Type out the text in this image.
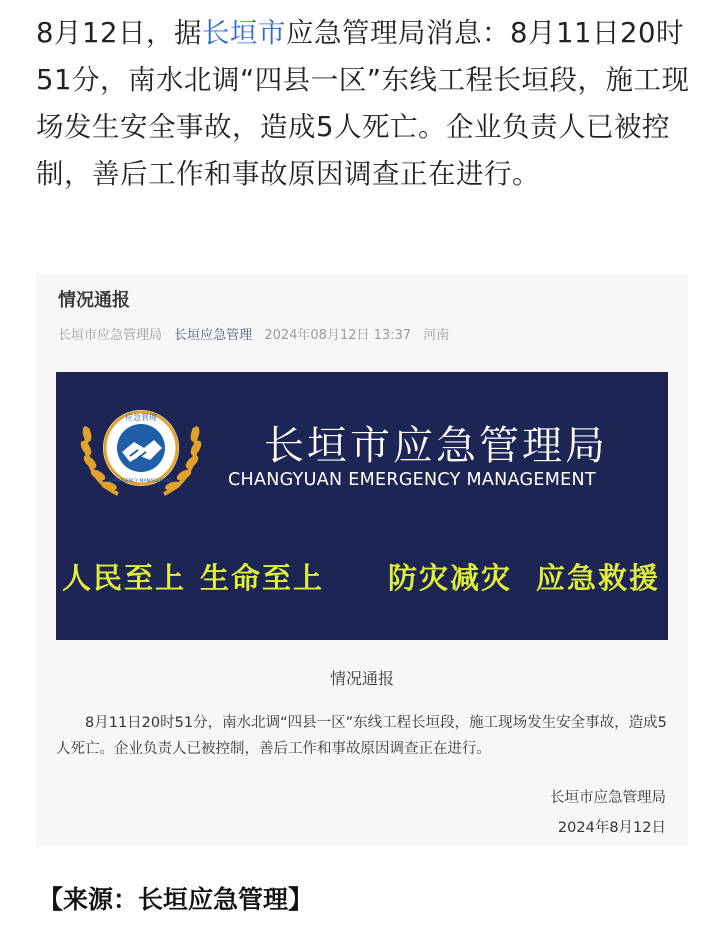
8月12日，据长垣市应急管理局消息：8月11日20时51分，南水北调“四县一区”东线工程长垣段，施工现场发生安全事故，造成5人死亡。企业负责人已被控制，善后工作和事故原因调查正在进行。

情况通报
长垣市应急管理局 长垣应急管理 2024年08月12日 13:37 河南
应急管理
EMERGENCY MANAGEMENT
长垣市应急管理局
CHANGYUAN EMERGENCY MANAGEMENT
人民至上 生命至上 防灾减灾 应急救援
情况通报

8月11日20时51分，南水北调“四县一区”东线工程长垣段，施工现场发生安全事故，造成5人死亡。企业负责人已被控制，善后工作和事故原因调查正在进行。

长垣市应急管理局
2024年8月12日
【来源：长垣应急管理】
